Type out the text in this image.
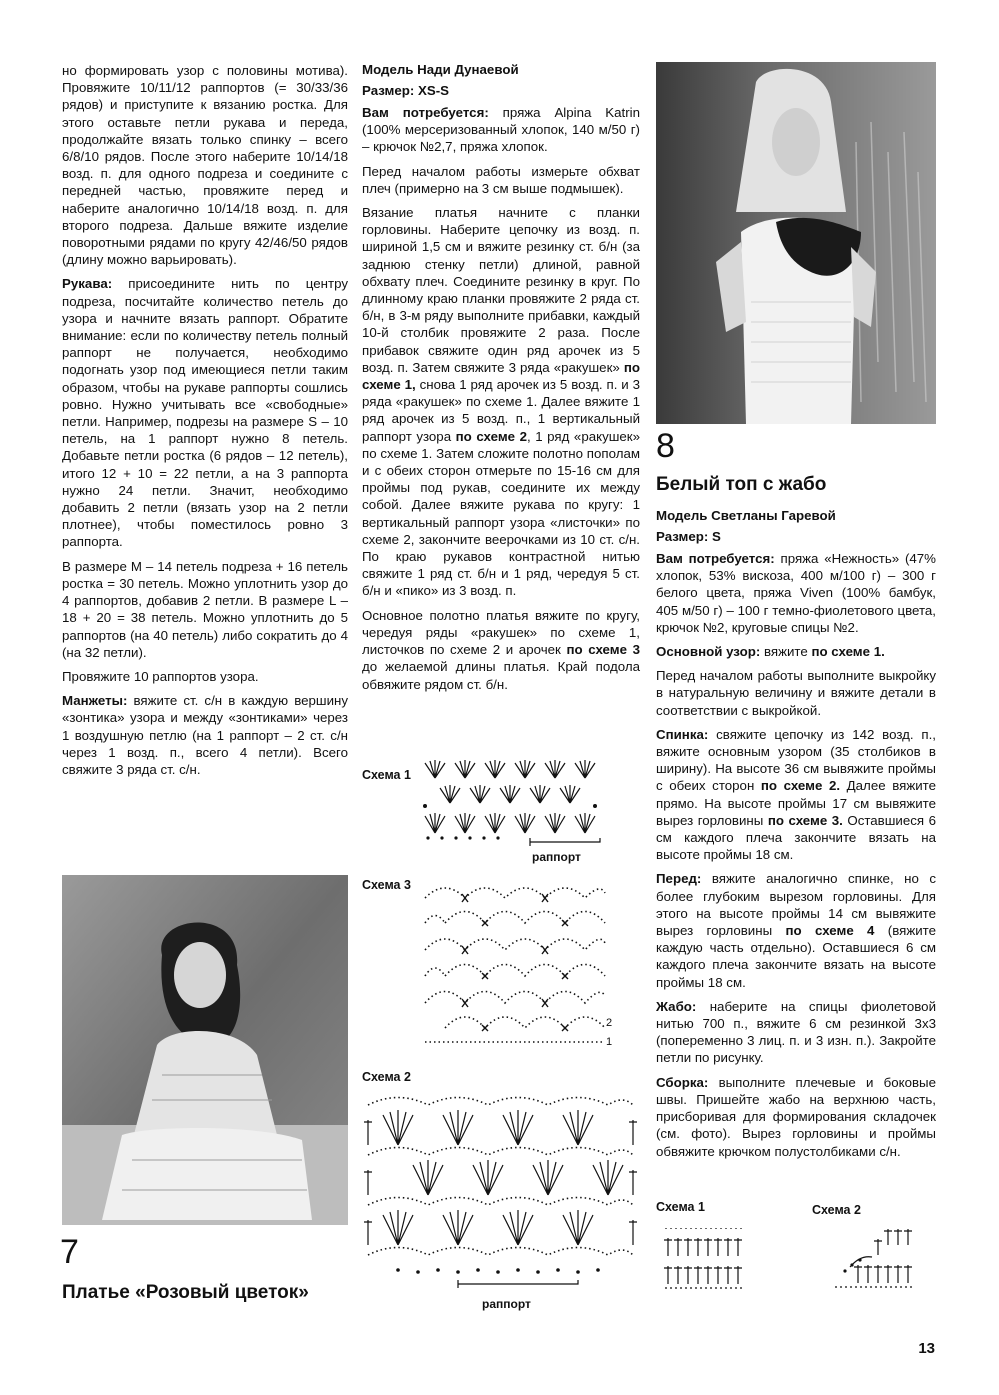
но формировать узор с половины мотива). Провяжите 10/11/12 раппортов (= 30/33/36 рядов) и приступите к вязанию ростка. Для этого оставьте петли рукава и переда, продолжайте вязать только спинку – всего 6/8/10 рядов. После этого наберите 10/14/18 возд. п. для одного подреза и соедините с передней частью, провяжите перед и наберите аналогично 10/14/18 возд. п. для второго подреза. Дальше вяжите изделие поворотными рядами по кругу 42/46/50 рядов (длину можно варьировать).

Рукава: присоедините нить по центру подреза, посчитайте количество петель до узора и начните вязать раппорт. Обратите внимание: если по количеству петель полный раппорт не получается, необходимо подогнать узор под имеющиеся петли таким образом, чтобы на рукаве раппорты сошлись ровно. Нужно учитывать все «свободные» петли. Например, подрезы на размере S – 10 петель, на 1 раппорт нужно 8 петель. Добавьте петли ростка (6 рядов – 12 петель), итого 12 + 10 = 22 петли, а на 3 раппорта нужно 24 петли. Значит, необходимо добавить 2 петли (вязать узор на 2 петли плотнее), чтобы поместилось ровно 3 раппорта.

В размере M – 14 петель подреза + 16 петель ростка = 30 петель. Можно уплотнить узор до 4 раппортов, добавив 2 петли. В размере L – 18 + 20 = 38 петель. Можно уплотнить до 5 раппортов (на 40 петель) либо сократить до 4 (на 32 петли).

Провяжите 10 раппортов узора.

Манжеты: вяжите ст. с/н в каждую вершину «зонтика» узора и между «зонтиками» через 1 воздушную петлю (на 1 раппорт – 2 ст. с/н через 1 возд. п., всего 4 петли). Всего свяжите 3 ряда ст. с/н.

7
Платье «Розовый цветок»

Модель Нади Дунаевой

Размер: XS-S

Вам потребуется: пряжа Alpina Katrin (100% мерсеризованный хлопок, 140 м/50 г) – крючок №2,7, пряжа хлопок.

Перед началом работы измерьте обхват плеч (примерно на 3 см выше подмышек).

Вязание платья начните с планки горловины. Наберите цепочку из возд. п. шириной 1,5 см и вяжите резинку ст. б/н (за заднюю стенку петли) длиной, равной обхвату плеч. Соедините резинку в круг. По длинному краю планки провяжите 2 ряда ст. б/н, в 3-м ряду выполните прибавки, каждый 10-й столбик провяжите 2 раза. После прибавок свяжите один ряд арочек из 5 возд. п. Затем свяжите 3 ряда «ракушек» по схеме 1, снова 1 ряд арочек из 5 возд. п. и 3 ряда «ракушек» по схеме 1. Далее вяжите 1 ряд арочек из 5 возд. п., 1 вертикальный раппорт узора по схеме 2, 1 ряд «ракушек» по схеме 1. Затем сложите полотно пополам и с обеих сторон отмерьте по 15-16 см для проймы под рукав, соедините их между собой. Далее вяжите рукава по кругу: 1 вертикальный раппорт узора «листочки» по схеме 2, закончите веерочками из 10 ст. с/н. По краю рукавов контрастной нитью свяжите 1 ряд ст. б/н и 1 ряд, чередуя 5 ст. б/н и «пико» из 3 возд. п.

Основное полотно платья вяжите по кругу, чередуя ряды «ракушек» по схеме 1, листочков по схеме 2 и арочек по схеме 3 до желаемой длины платья. Край подола обвяжите рядом ст. б/н.

Схема 1
раппорт
Схема 3
2
1
Схема 2
раппорт
8
Белый топ с жабо

Модель Светланы Гаревой

Размер: S

Вам потребуется: пряжа «Нежность» (47% хлопок, 53% вискоза, 400 м/100 г) – 300 г белого цвета, пряжа Viven (100% бамбук, 405 м/50 г) – 100 г темно-фиолетового цвета, крючок №2, круговые спицы №2.

Основной узор: вяжите по схеме 1.

Перед началом работы выполните выкройку в натуральную величину и вяжите детали в соответствии с выкройкой.

Спинка: свяжите цепочку из 142 возд. п., вяжите основным узором (35 столбиков в ширину). На высоте 36 см вывяжите проймы с обеих сторон по схеме 2. Далее вяжите прямо. На высоте проймы 17 см вывяжите вырез горловины по схеме 3. Оставшиеся 6 см каждого плеча закончите вязать на высоте проймы 18 см.

Перед: вяжите аналогично спинке, но с более глубоким вырезом горловины. Для этого на высоте проймы 14 см вывяжите вырез горловины по схеме 4 (вяжите каждую часть отдельно). Оставшиеся 6 см каждого плеча закончите вязать на высоте проймы 18 см.

Жабо: наберите на спицы фиолетовой нитью 700 п., вяжите 6 см резинкой 3х3 (попеременно 3 лиц. п. и 3 изн. п.). Закройте петли по рисунку.

Сборка: выполните плечевые и боковые швы. Пришейте жабо на верхнюю часть, присборивая для формирования складочек (см. фото). Вырез горловины и проймы обвяжите крючком полустолбиками с/н.

Схема 1	Схема 2
13
